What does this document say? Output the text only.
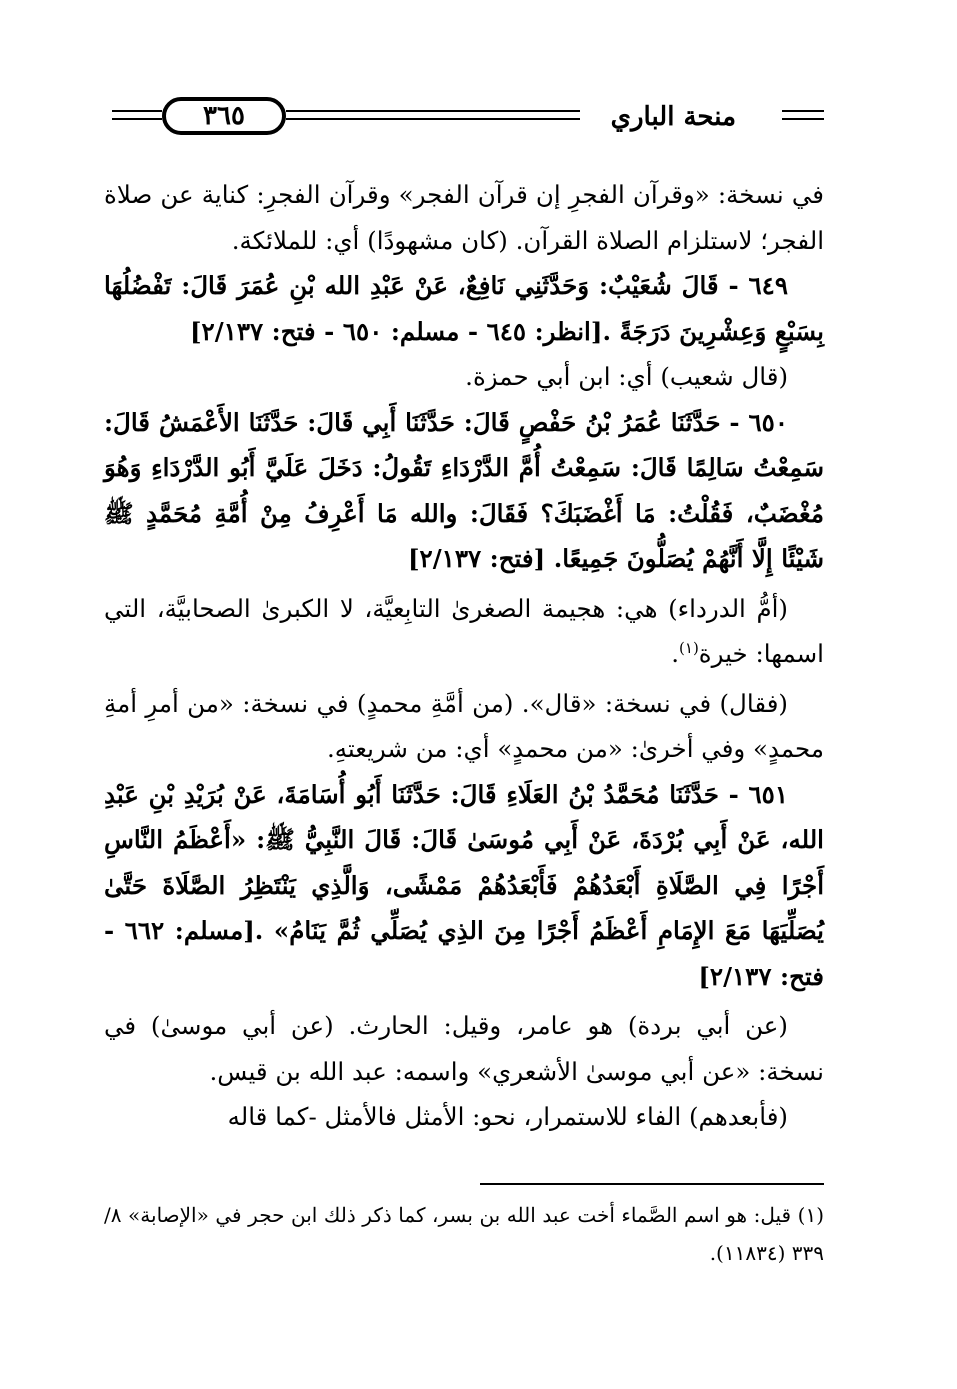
منحة الباري
٣٦٥

في نسخة: «وقرآن الفجرِ إن قرآن الفجر» وقرآن الفجرِ: كناية عن صلاة الفجر؛ لاستلزام الصلاة القرآن. (كان مشهودًا) أي: للملائكة.

٦٤٩ - قَالَ شُعَيْبٌ: وَحَدَّثَنِي نَافِعٌ، عَنْ عَبْدِ الله بْنِ عُمَرَ قَالَ: تَفْضُلُهَا بِسَبْعٍ وَعِشْرِينَ دَرَجَةً .[انظر: ٦٤٥ - مسلم: ٦٥٠ - فتح: ٢/١٣٧]

(قال شعيب) أي: ابن أبي حمزة.

٦٥٠ - حَدَّثَنَا عُمَرُ بْنُ حَفْصٍ قَالَ: حَدَّثَنَا أَبِي قَالَ: حَدَّثَنَا الأَعْمَشُ قَالَ: سَمِعْتُ سَالِمًا قَالَ: سَمِعْتُ أُمَّ الدَّرْدَاءِ تَقُولُ: دَخَلَ عَلَيَّ أَبُو الدَّرْدَاءِ وَهُوَ مُغْضَبٌ، فَقُلْتُ: مَا أَغْضَبَكَ؟ فَقَالَ: والله مَا أَعْرِفُ مِنْ أُمَّةِ مُحَمَّدٍ ﷺ شَيْئًا إِلَّا أَنَّهُمْ يُصَلُّونَ جَمِيعًا. [فتح: ٢/١٣٧]

(أمُّ الدرداء) هي: هجيمة الصغرىٰ التابِعيَّة، لا الكبرىٰ الصحابيَّة، التي اسمها: خيرة$^{(١)}$.

(فقال) في نسخة: «قال». (من أمَّةِ محمدٍ) في نسخة: «من أمرِ أمةِ محمدٍ» وفي أخرىٰ: «من محمدٍ» أي: من شريعتهِ.

٦٥١ - حَدَّثَنَا مُحَمَّدُ بْنُ العَلَاءِ قَالَ: حَدَّثَنَا أَبُو أُسَامَةَ، عَنْ بُرَيْدِ بْنِ عَبْدِ الله، عَنْ أَبِي بُرْدَةَ، عَنْ أَبِي مُوسَىٰ قَالَ: قَالَ النَّبِيُّ ﷺ: «أَعْظَمُ النَّاسِ أَجْرًا فِي الصَّلَاةِ أَبْعَدُهُمْ فَأَبْعَدُهُمْ مَمْشًى، وَالَّذِي يَنْتَظِرُ الصَّلَاةَ حَتَّىٰ يُصَلِّيَهَا مَعَ الإِمَامِ أَعْظَمُ أَجْرًا مِنَ الذِي يُصَلِّي ثُمَّ يَنَامُ» .[مسلم: ٦٦٢ - فتح: ٢/١٣٧]

(عن أبي بردة) هو عامر، وقيل: الحارث. (عن أبي موسىٰ) في نسخة: «عن أبي موسىٰ الأشعري» واسمه: عبد الله بن قيس.

(فأبعدهم) الفاء للاستمرار، نحو: الأمثل فالأمثل -كما قاله

(١) قيل: هو اسم الصَّماء أخت عبد الله بن بسر، كما ذكر ذلك ابن حجر في «الإصابة» ٨/ ٣٣٩ (١١٨٣٤).
